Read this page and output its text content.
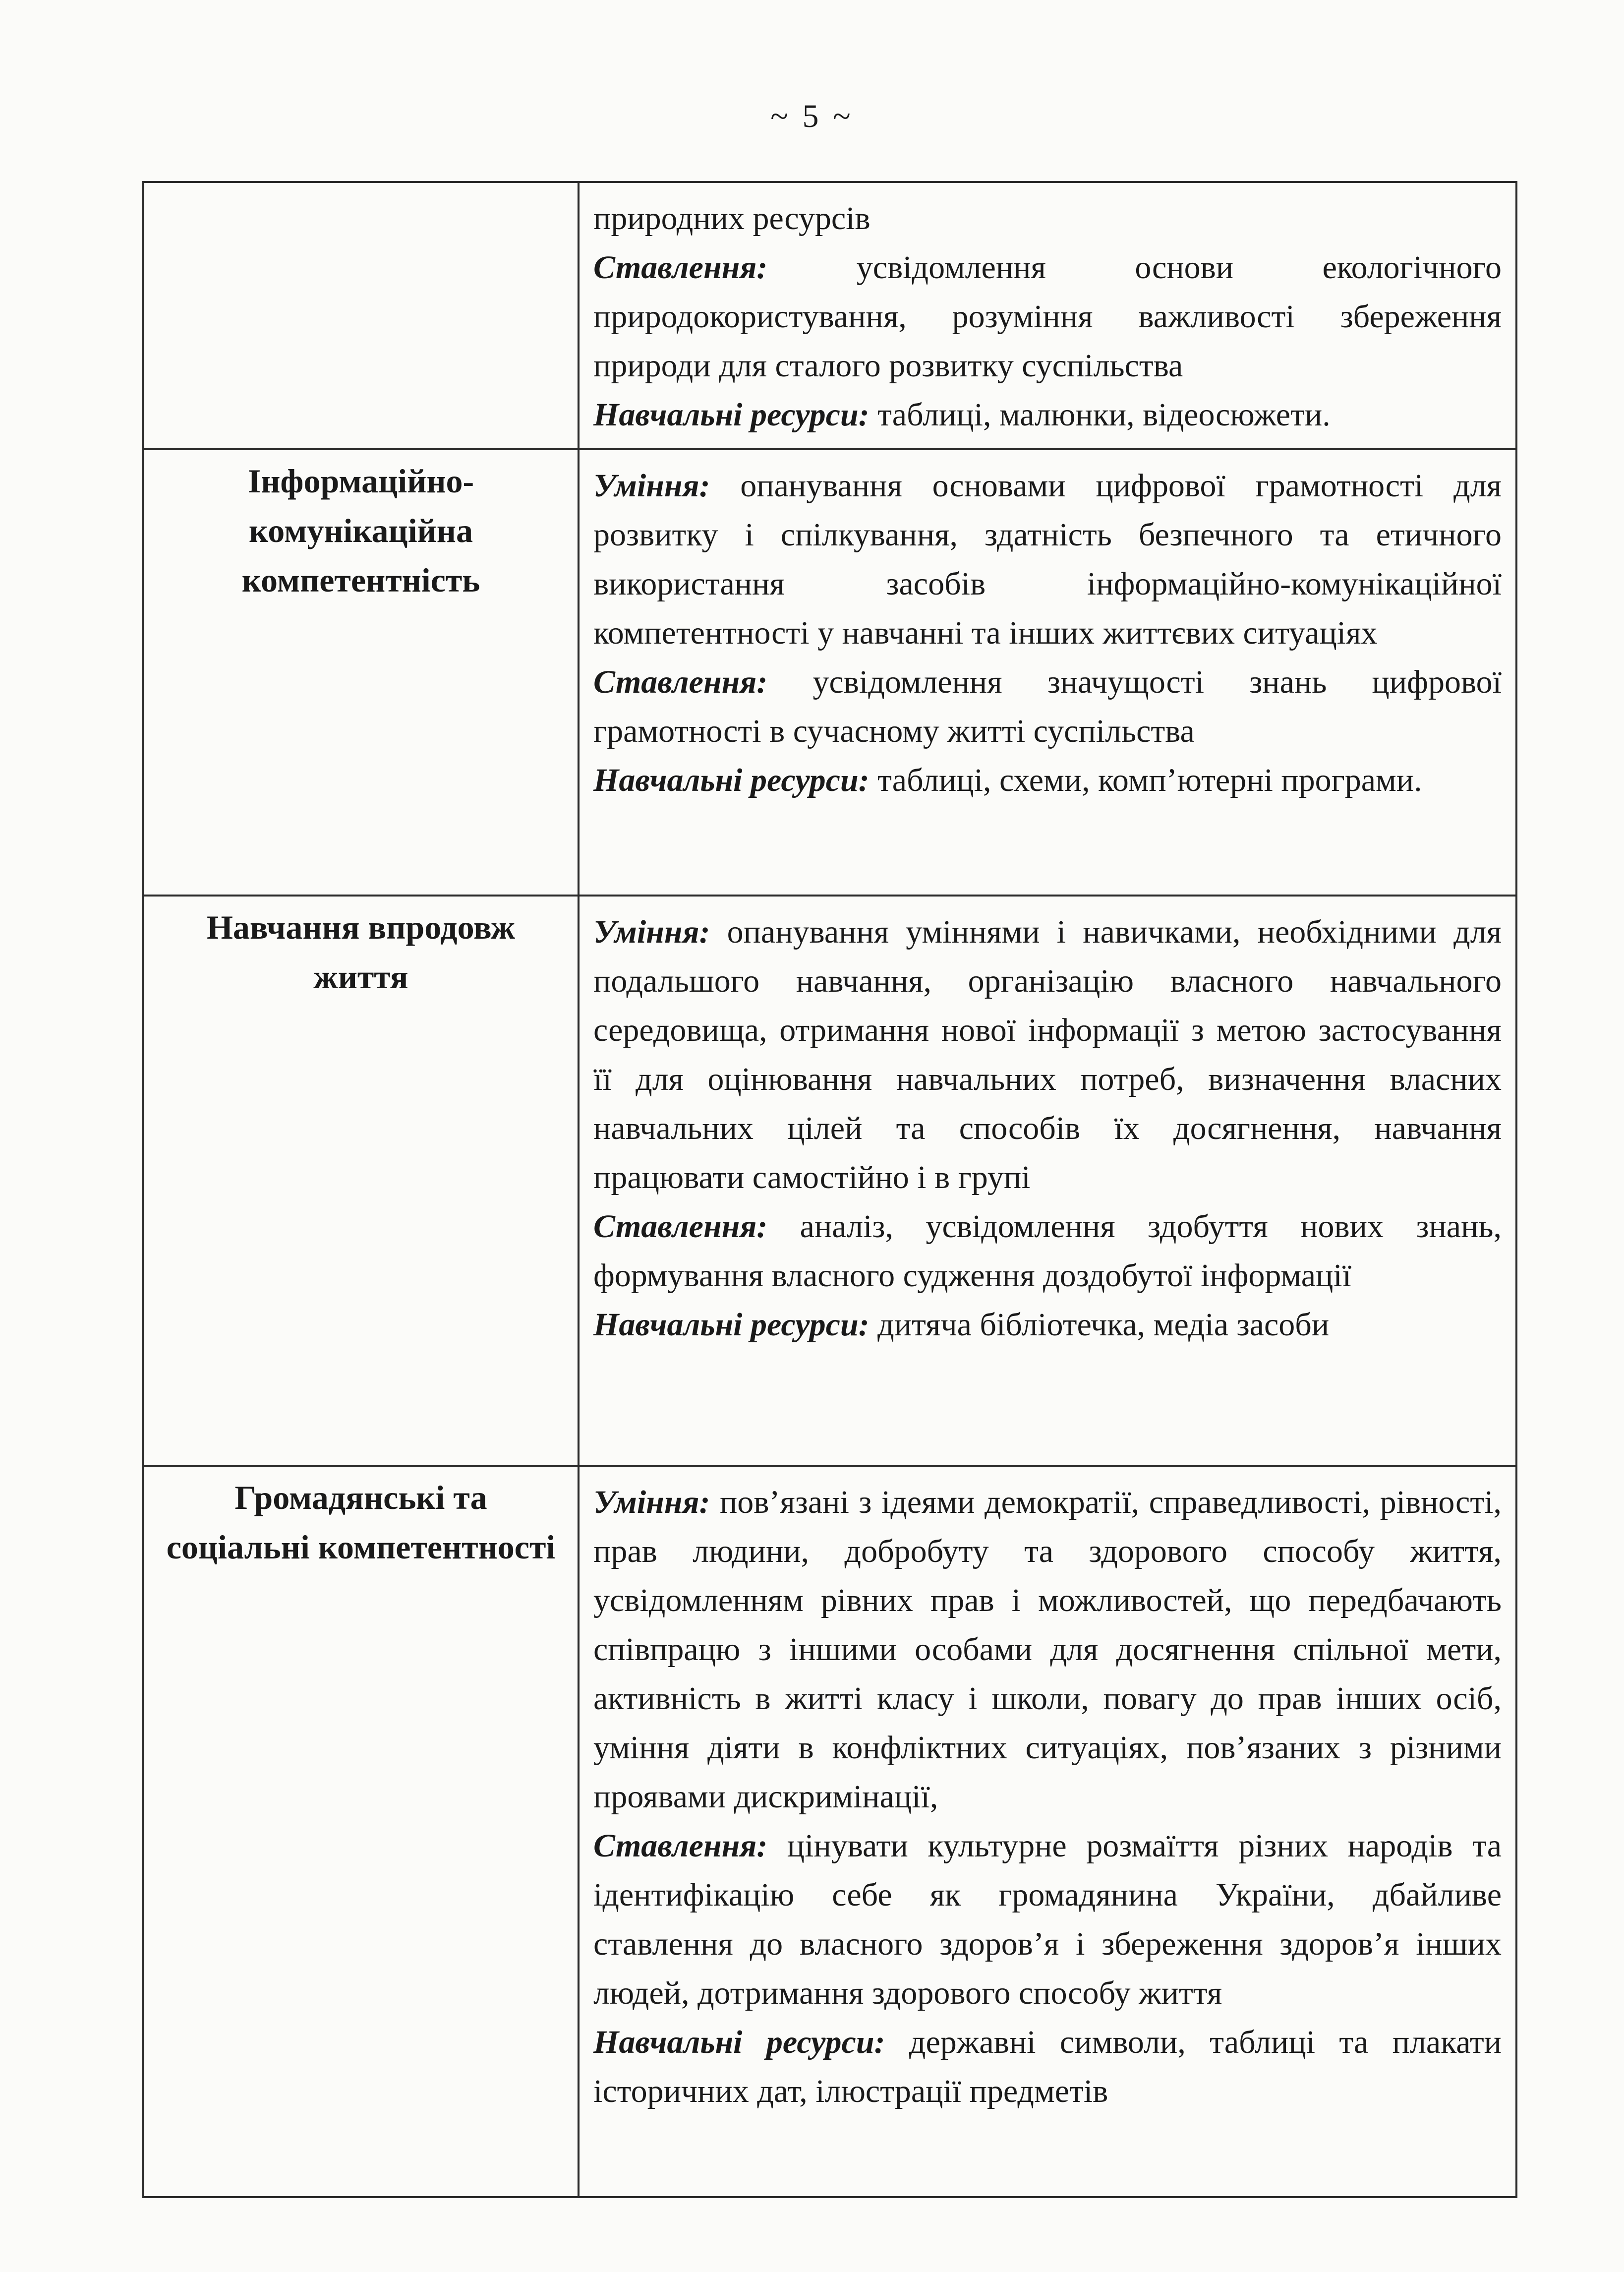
~ 5 ~

	природних ресурсів

Ставлення: усвідомлення основи екологічного природокористування, розуміння важливості збереження природи для сталого розвитку суспільства

Навчальні ресурси: таблиці, малюнки, відеосюжети.

Інформаційно-комунікаційна компетентність	Уміння: опанування основами цифрової грамотності для розвитку і спілкування, здатність безпечного та етичного використання засобів інформаційно-комунікаційної компетентності у навчанні та інших життєвих ситуаціях

Ставлення: усвідомлення значущості знань цифрової грамотності в сучасному житті суспільства

Навчальні ресурси: таблиці, схеми, комп’ютерні програми.

Навчання впродовж життя	Уміння: опанування уміннями і навичками, необхідними для подальшого навчання, організацію власного навчального середовища, отримання нової інформації з метою застосування її для оцінювання навчальних потреб, визначення власних навчальних цілей та способів їх досягнення, навчання працювати самостійно і в групі

Ставлення: аналіз, усвідомлення здобуття нових знань, формування власного судження доздобутої інформації

Навчальні ресурси: дитяча бібліотечка, медіа засоби

Громадянські та соціальні компетентності	Уміння: пов’язані з ідеями демократії, справедливості, рівності, прав людини, добробуту та здорового способу життя, усвідомленням рівних прав і можливостей, що передбачають співпрацю з іншими особами для досягнення спільної мети, активність в житті класу і школи, повагу до прав інших осіб, уміння діяти в конфліктних ситуаціях, пов’язаних з різними проявами дискримінації,

Ставлення: цінувати культурне розмаїття різних народів та ідентифікацію себе як громадянина України, дбайливе ставлення до власного здоров’я і збереження здоров’я інших людей, дотримання здорового способу життя

Навчальні ресурси: державні символи, таблиці та плакати історичних дат, ілюстрації предметів
